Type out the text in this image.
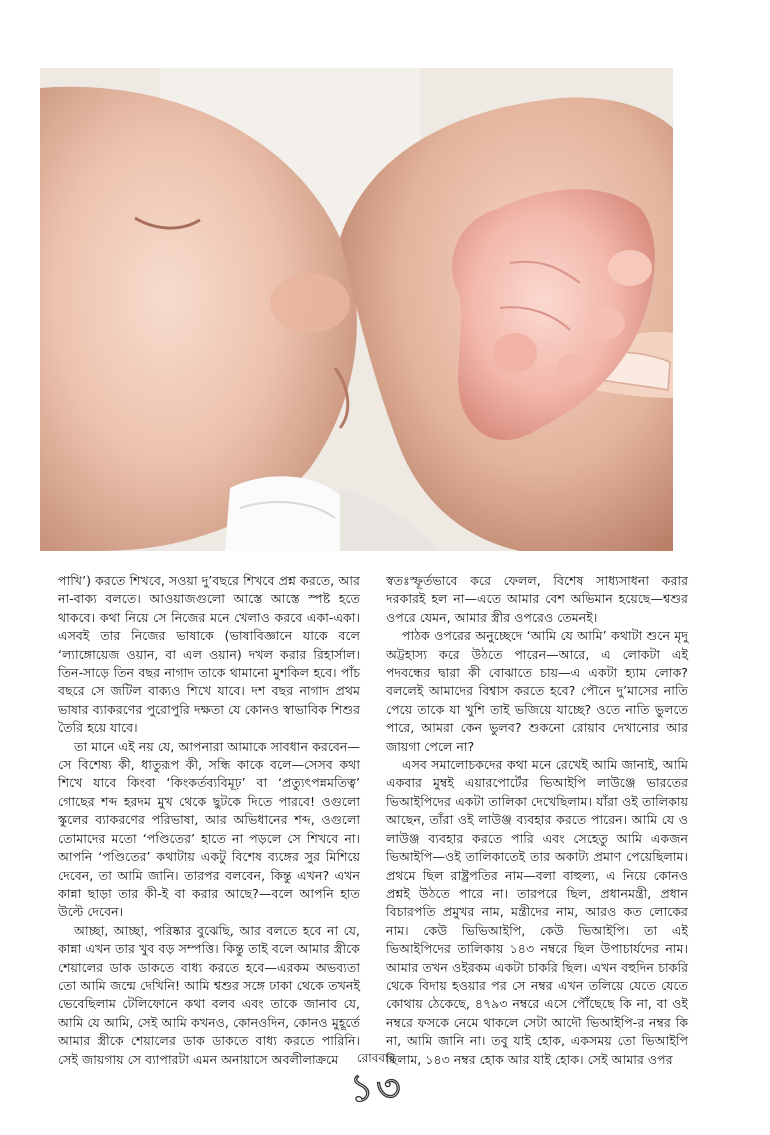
পাখি’) করতে শিখবে, সওয়া দু’বছরে শিখবে প্রশ্ন করতে, আর না-বাক্য বলতে। আওয়াজগুলো আস্তে আস্তে স্পষ্ট হতে থাকবে। কথা নিয়ে সে নিজের মনে খেলাও করবে একা-একা। এসবই তার নিজের ভাষাকে (ভাষাবিজ্ঞানে যাকে বলে ‘ল্যাঙ্গোয়েজ ওয়ান, বা এল ওয়ান) দখল করার রিহার্সাল। তিন-সাড়ে তিন বছর নাগাদ তাকে থামানো মুশকিল হবে। পাঁচ বছরে সে জটিল বাক্যও শিখে যাবে। দশ বছর নাগাদ প্রথম ভাষার ব্যাকরণের পুরোপুরি দক্ষতা যে কোনও স্বাভাবিক শিশুর তৈরি হয়ে যাবে।

তা মানে এই নয় যে, আপনারা আমাকে সাবধান করবেন—সে বিশেষ্য কী, ধাতুরূপ কী, সন্ধি কাকে বলে—সেসব কথা শিখে যাবে কিংবা ‘কিংকর্তব্যবিমূঢ়’ বা ‘প্রত্যুৎপন্নমতিত্ব’ গোছের শব্দ হরদম মুখ থেকে ছুটকে দিতে পারবে! ওগুলো স্কুলের ব্যাকরণের পরিভাষা, আর অভিধানের শব্দ, ওগুলো তোমাদের মতো ‘পণ্ডিতের’ হাতে না পড়লে সে শিখবে না। আপনি ‘পণ্ডিতের’ কথাটায় একটু বিশেষ ব্যঙ্গের সুর মিশিয়ে দেবেন, তা আমি জানি। তারপর বলবেন, কিন্তু এখন? এখন কান্না ছাড়া তার কী-ই বা করার আছে?—বলে আপনি হাত উল্টে দেবেন।

আচ্ছা, আচ্ছা, পরিষ্কার বুঝেছি, আর বলতে হবে না যে, কান্না এখন তার খুব বড় সম্পত্তি। কিন্তু তাই বলে আমার স্ত্রীকে শেয়ালের ডাক ডাকতে বাধ্য করতে হবে—এরকম অভব্যতা তো আমি জন্মে দেখিনি! আমি শ্বশুর সঙ্গে ঢাকা থেকে তখনই ভেবেছিলাম টেলিফোনে কথা বলব এবং তাকে জানাব যে, আমি যে আমি, সেই আমি কখনও, কোনওদিন, কোনও মুহূর্তে আমার স্ত্রীকে শেয়ালের ডাক ডাকতে বাধ্য করতে পারিনি। সেই জায়গায় সে ব্যাপারটা এমন অনায়াসে অবলীলাক্রমে

স্বতঃস্ফূর্তভাবে করে ফেলল, বিশেষ সাধ্যসাধনা করার দরকারই হল না—এতে আমার বেশ অভিমান হয়েছে—শ্বশুর ওপরে যেমন, আমার স্ত্রীর ওপরেও তেমনই।

পাঠক ওপরের অনুচ্ছেদে ‘আমি যে আমি’ কথাটা শুনে মৃদু অট্টহাস্য করে উঠতে পারেন—আরে, এ লোকটা এই পদবন্ধের দ্বারা কী বোঝাতে চায়—এ একটা হ্যাম লোক? বললেই আমাদের বিশ্বাস করতে হবে? পৌনে দু’মাসের নাতি পেয়ে তাকে যা খুশি তাই ভজিয়ে যাচ্ছে? ওতে নাতি ভুলতে পারে, আমরা কেন ভুলব? শুকনো রোয়াব দেখানোর আর জায়গা পেলে না?

এসব সমালোচকদের কথা মনে রেখেই আমি জানাই, আমি একবার মুম্বই এয়ারপোর্টের ভিআইপি লাউঞ্জে ভারতের ভিআইপিদের একটা তালিকা দেখেছিলাম। যাঁরা ওই তালিকায় আছেন, তাঁরা ওই লাউঞ্জ ব্যবহার করতে পারেন। আমি যে ও লাউঞ্জ ব্যবহার করতে পারি এবং সেহেতু আমি একজন ভিআইপি—ওই তালিকাতেই তার অকাট্য প্রমাণ পেয়েছিলাম। প্রথমে ছিল রাষ্ট্রপতির নাম—বলা বাহুল্য, এ নিয়ে কোনও প্রশ্নই উঠতে পারে না। তারপরে ছিল, প্রধানমন্ত্রী, প্রধান বিচারপতি প্রমুখর নাম, মন্ত্রীদের নাম, আরও কত লোকের নাম। কেউ ভিভিআইপি, কেউ ভিআইপি। তা এই ভিআইপিদের তালিকায় ১৪৩ নম্বরে ছিল উপাচার্যদের নাম। আমার তখন ওইরকম একটা চাকরি ছিল। এখন বহুদিন চাকরি থেকে বিদায় হওয়ার পর সে নম্বর এখন তলিয়ে যেতে যেতে কোথায় ঠেকেছে, ৪৭৯৩ নম্বরে এসে পৌঁছেছে কি না, বা ওই নম্বরে ফসকে নেমে থাকলে সেটা আদৌ ভিআইপি-র নম্বর কি না, আমি জানি না। তবু যাই হোক, একসময় তো ভিআইপি ছিলাম, ১৪৩ নম্বর হোক আর যাই হোক। সেই আমার ওপর

রোববার
১৩
